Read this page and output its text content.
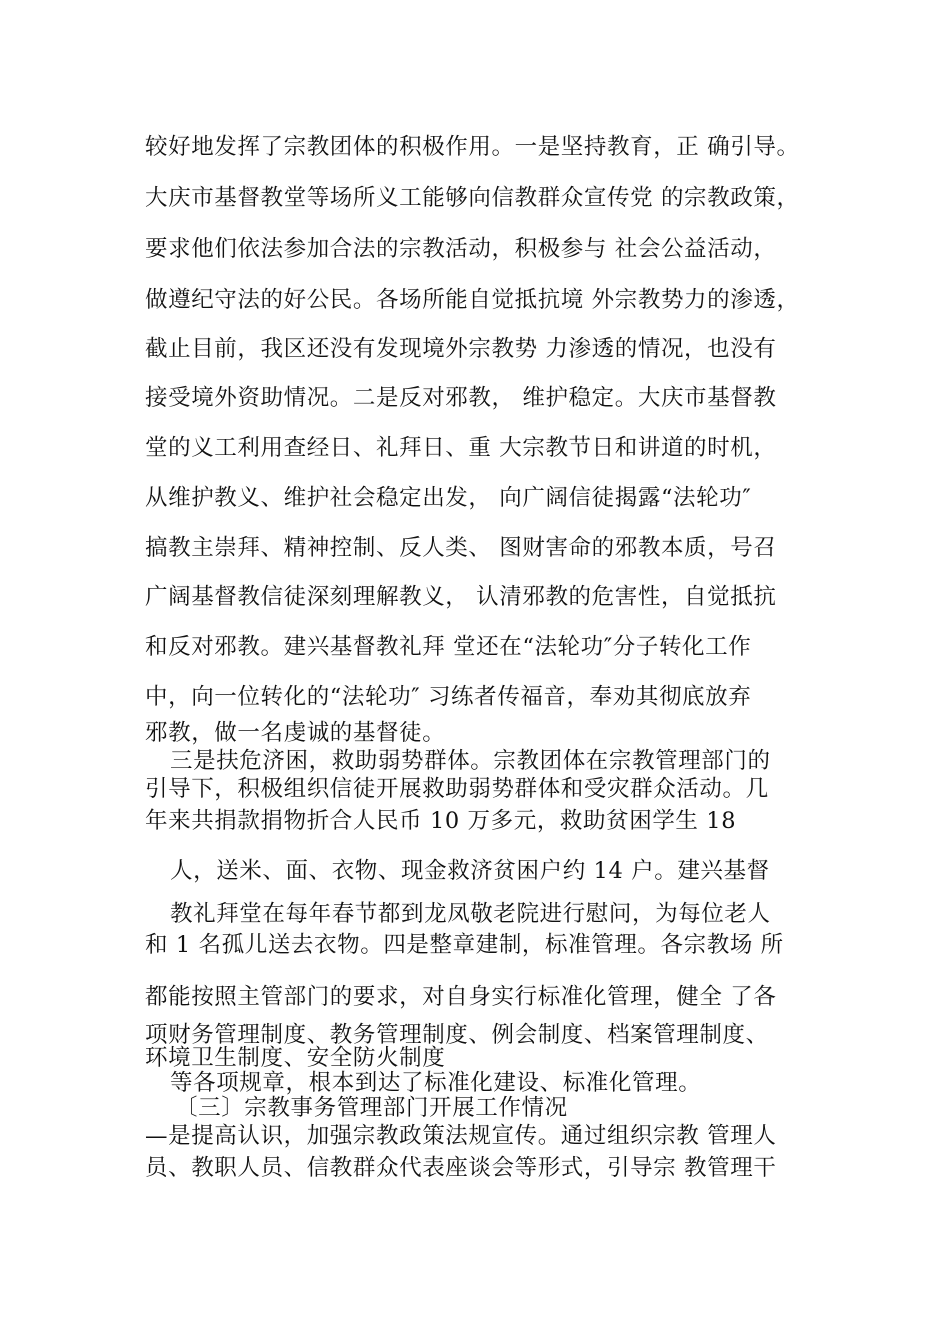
较好地发挥了宗教团体的积极作用。一是坚持教育，正 确引导。
大庆市基督教堂等场所义工能够向信教群众宣传党 的宗教政策，
要求他们依法参加合法的宗教活动，积极参与 社会公益活动，
做遵纪守法的好公民。各场所能自觉抵抗境 外宗教势力的渗透，
截止目前，我区还没有发现境外宗教势 力渗透的情况，也没有
接受境外资助情况。二是反对邪教， 维护稳定。大庆市基督教
堂的义工利用查经日、礼拜日、重 大宗教节日和讲道的时机，
从维护教义、维护社会稳定出发， 向广阔信徒揭露“法轮功″
搞教主崇拜、精神控制、反人类、 图财害命的邪教本质，号召
广阔基督教信徒深刻理解教义， 认清邪教的危害性，自觉抵抗
和反对邪教。建兴基督教礼拜 堂还在“法轮功″分子转化工作
中，向一位转化的“法轮功″ 习练者传福音，奉劝其彻底放弃
邪教，做一名虔诚的基督徒。
三是扶危济困，救助弱势群体。宗教团体在宗教管理部门的
引导下，积极组织信徒开展救助弱势群体和受灾群众活动。几
年来共捐款捐物折合人民币 10 万多元，救助贫困学生 18
人，送米、面、衣物、现金救济贫困户约 14 户。建兴基督
教礼拜堂在每年春节都到龙凤敬老院进行慰问，为每位老人
和 1 名孤儿送去衣物。四是整章建制，标准管理。各宗教场 所
都能按照主管部门的要求，对自身实行标准化管理，健全 了各
项财务管理制度、教务管理制度、例会制度、档案管理制度、
环境卫生制度、安全防火制度
等各项规章，根本到达了标准化建设、标准化管理。
〔三〕宗教事务管理部门开展工作情况
—是提高认识，加强宗教政策法规宣传。通过组织宗教 管理人
员、教职人员、信教群众代表座谈会等形式，引导宗 教管理干
